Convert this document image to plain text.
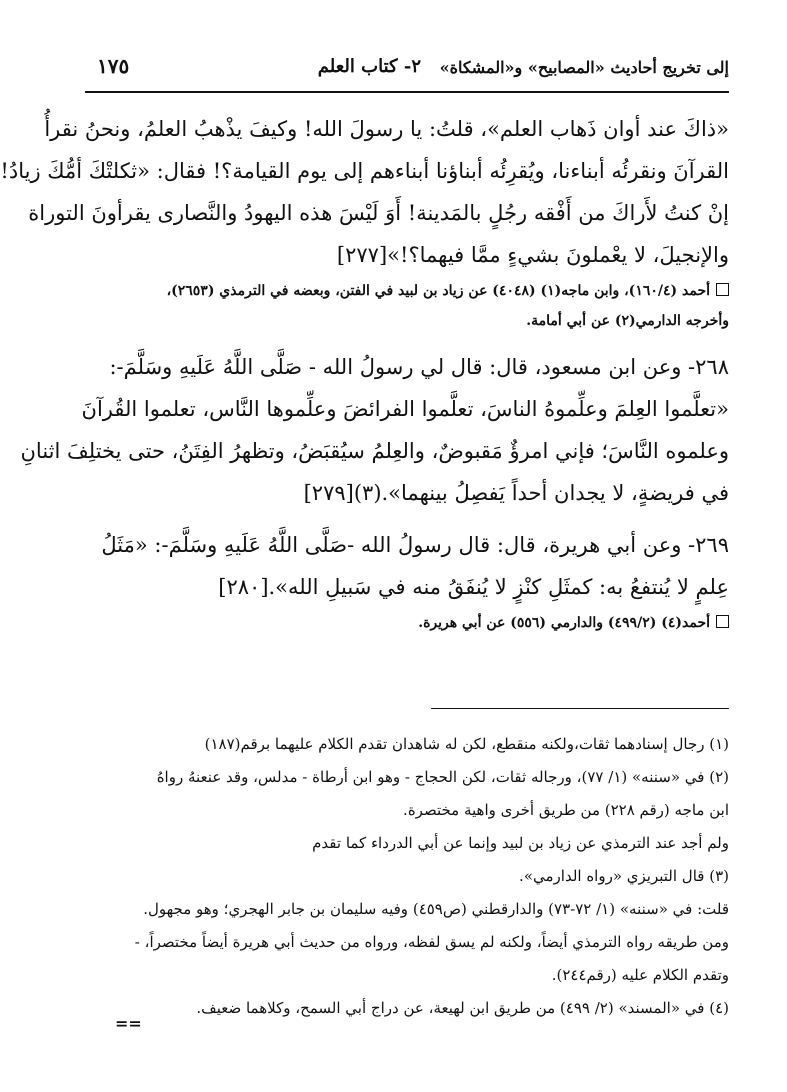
إلى تخريج أحاديث «المصابيح» و«المشكاة»
٢- كتاب العلم
١٧٥
«ذاكَ عند أوان ذَهاب العلم»، قلتُ: يا رسولَ الله! وكيفَ يذْهبُ العلمُ، ونحنُ نقرأُ
القرآنَ ونقرئُه أبناءنا، ويُقرِئُه أبناؤنا أبناءهم إلى يوم القيامة؟! فقال: «ثكلتْكَ أمُّكَ زيادُ!
إنْ كنتُ لأَراكَ من أَفْقه رجُلٍ بالمَدينة! أَوَ لَيْسَ هذه اليهودُ والنَّصارى يقرأونَ التوراة
والإنجيلَ، لا يعْملونَ بشيءٍ ممَّا فيهما؟!»[٢٧٧]
أحمد (١٦٠/٤)، وابن ماجه(١) (٤٠٤٨) عن زياد بن لبيد في الفتن، وبعضه في الترمذي (٢٦٥٣)،
وأخرجه الدارمي(٢) عن أبي أمامة.
٢٦٨- وعن ابن مسعود، قال: قال لي رسولُ الله - صَلَّى اللَّهُ عَلَيهِ وسَلَّمَ-:
«تعلَّموا العِلمَ وعلِّموهُ الناسَ، تعلَّموا الفرائضَ وعلِّموها النَّاس، تعلموا القُرآنَ
وعلموه النَّاسَ؛ فإني امرؤٌ مَقبوضٌ، والعِلمُ سيُقبَضُ، وتظهرُ الفِتَنُ، حتى يختلِفَ اثنانِ
في فريضةٍ، لا يجدان أحداً يَفصِلُ بينهما».(٣)[٢٧٩]
٢٦٩- وعن أبي هريرة، قال: قال رسولُ الله -صَلَّى اللَّهُ عَلَيهِ وسَلَّمَ-: «مَثَلُ
عِلمٍ لا يُنتفعُ به: كمثَلِ كنْزٍ لا يُنفَقُ منه في سَبيلِ الله».[٢٨٠]
أحمد(٤) (٤٩٩/٢) والدارمي (٥٥٦) عن أبي هريرة.
(١) رجال إسنادهما ثقات،ولكنه منقطع، لكن له شاهدان تقدم الكلام عليهما برقم(١٨٧)
(٢) في «سننه» (١/ ٧٧)، ورجاله ثقات، لكن الحجاج - وهو ابن أرطاة - مدلس، وقد عنعنهُ رواهُ
ابن ماجه (رقم ٢٢٨) من طريق أخرى واهية مختصرة.
ولم أجد عند الترمذي عن زياد بن لبيد وإنما عن أبي الدرداء كما تقدم
(٣) قال التبريزي «رواه الدارمي».
قلت: في «سننه» (١/ ٧٢-٧٣) والدارقطني (ص٤٥٩) وفيه سليمان بن جابر الهجري؛ وهو مجهول.
ومن طريقه رواه الترمذي أيضاً، ولكنه لم يسق لفظه، ورواه من حديث أبي هريرة أيضاً مختصراً، -
وتقدم الكلام عليه (رقم٢٤٤).
(٤) في «المسند» (٢/ ٤٩٩) من طريق ابن لهيعة، عن دراج أبي السمح، وكلاهما ضعيف.
==
